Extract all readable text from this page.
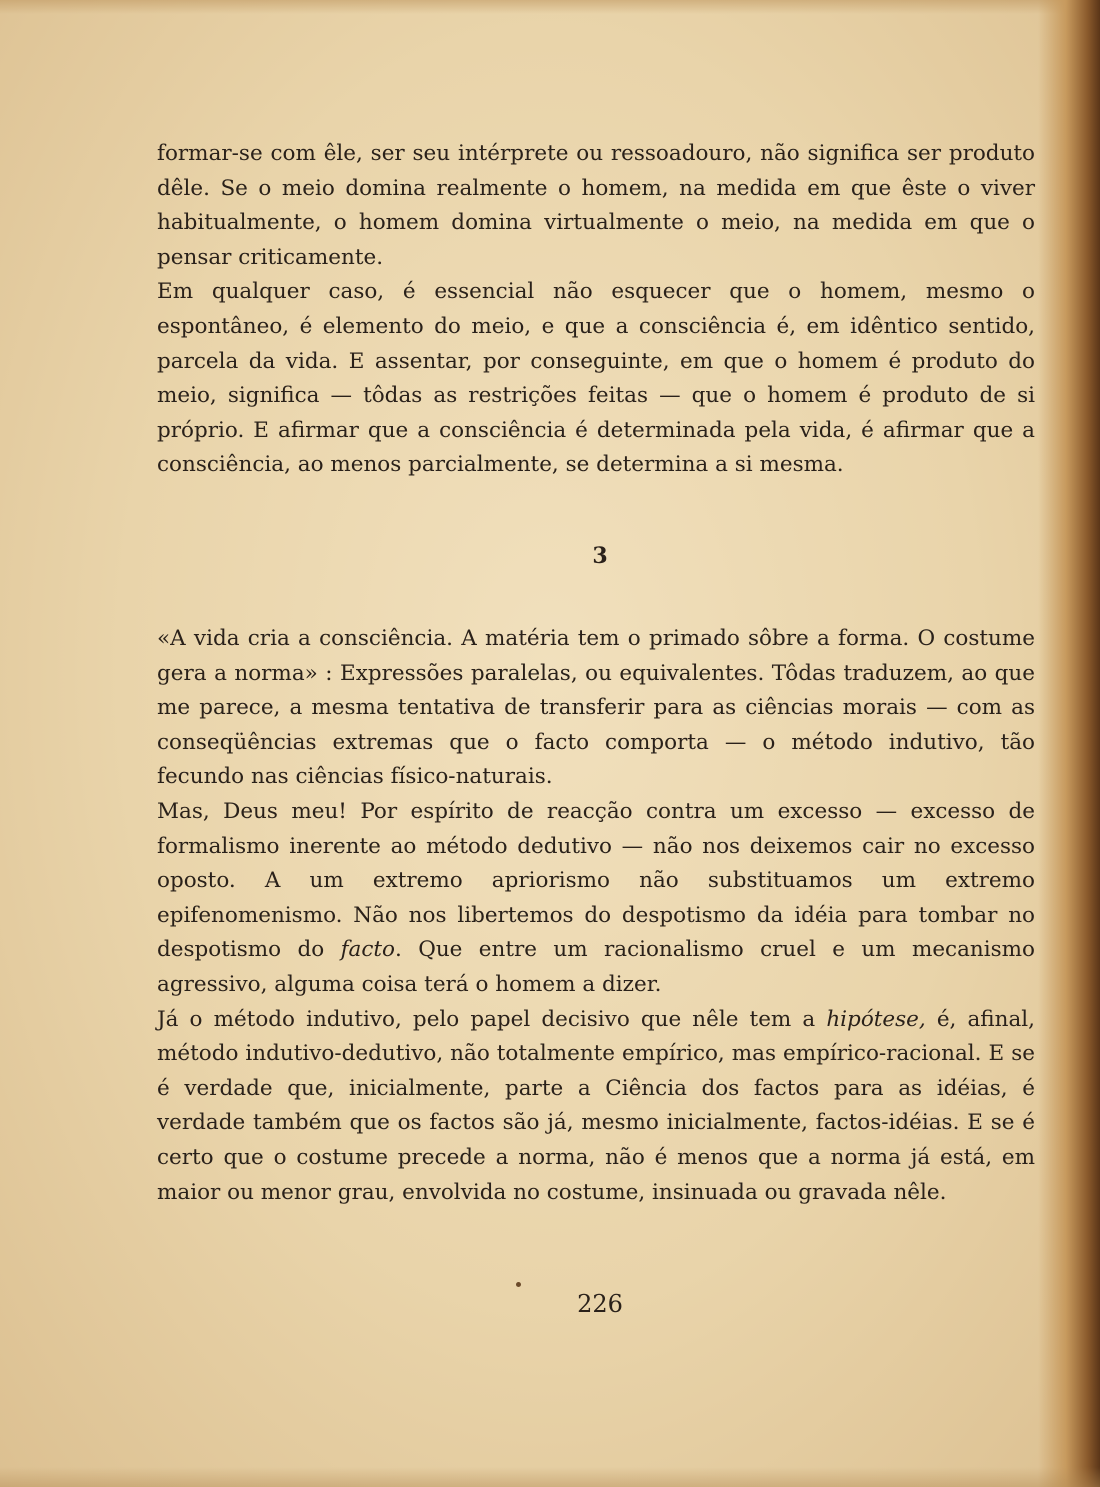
formar-se com êle, ser seu intérprete ou ressoadouro, não significa ser produto dêle. Se o meio domina realmente o homem, na medida em que êste o viver habitualmente, o homem domina virtualmente o meio, na medida em que o pensar criticamente.

Em qualquer caso, é essencial não esquecer que o homem, mesmo o espontâneo, é elemento do meio, e que a consciência é, em idêntico sentido, parcela da vida. E assentar, por conseguinte, em que o homem é produto do meio, significa — tôdas as restrições feitas — que o homem é produto de si próprio. E afirmar que a consciência é determinada pela vida, é afirmar que a consciência, ao menos parcialmente, se determina a si mesma.

3

«A vida cria a consciência. A matéria tem o primado sôbre a forma. O costume gera a norma» : Expressões paralelas, ou equivalentes. Tôdas traduzem, ao que me parece, a mesma tentativa de transferir para as ciências morais — com as conseqüências extremas que o facto comporta — o método indutivo, tão fecundo nas ciências físico-naturais.

Mas, Deus meu! Por espírito de reacção contra um excesso — excesso de formalismo inerente ao método dedutivo — não nos deixemos cair no excesso oposto. A um extremo apriorismo não substituamos um extremo epifenomenismo. Não nos libertemos do despotismo da idéia para tombar no despotismo do facto. Que entre um racionalismo cruel e um mecanismo agressivo, alguma coisa terá o homem a dizer.

Já o método indutivo, pelo papel decisivo que nêle tem a hipótese, é, afinal, método indutivo-dedutivo, não totalmente empírico, mas empírico-racional. E se é verdade que, inicialmente, parte a Ciência dos factos para as idéias, é verdade também que os factos são já, mesmo inicialmente, factos-idéias. E se é certo que o costume precede a norma, não é menos que a norma já está, em maior ou menor grau, envolvida no costume, insinuada ou gravada nêle.

226
